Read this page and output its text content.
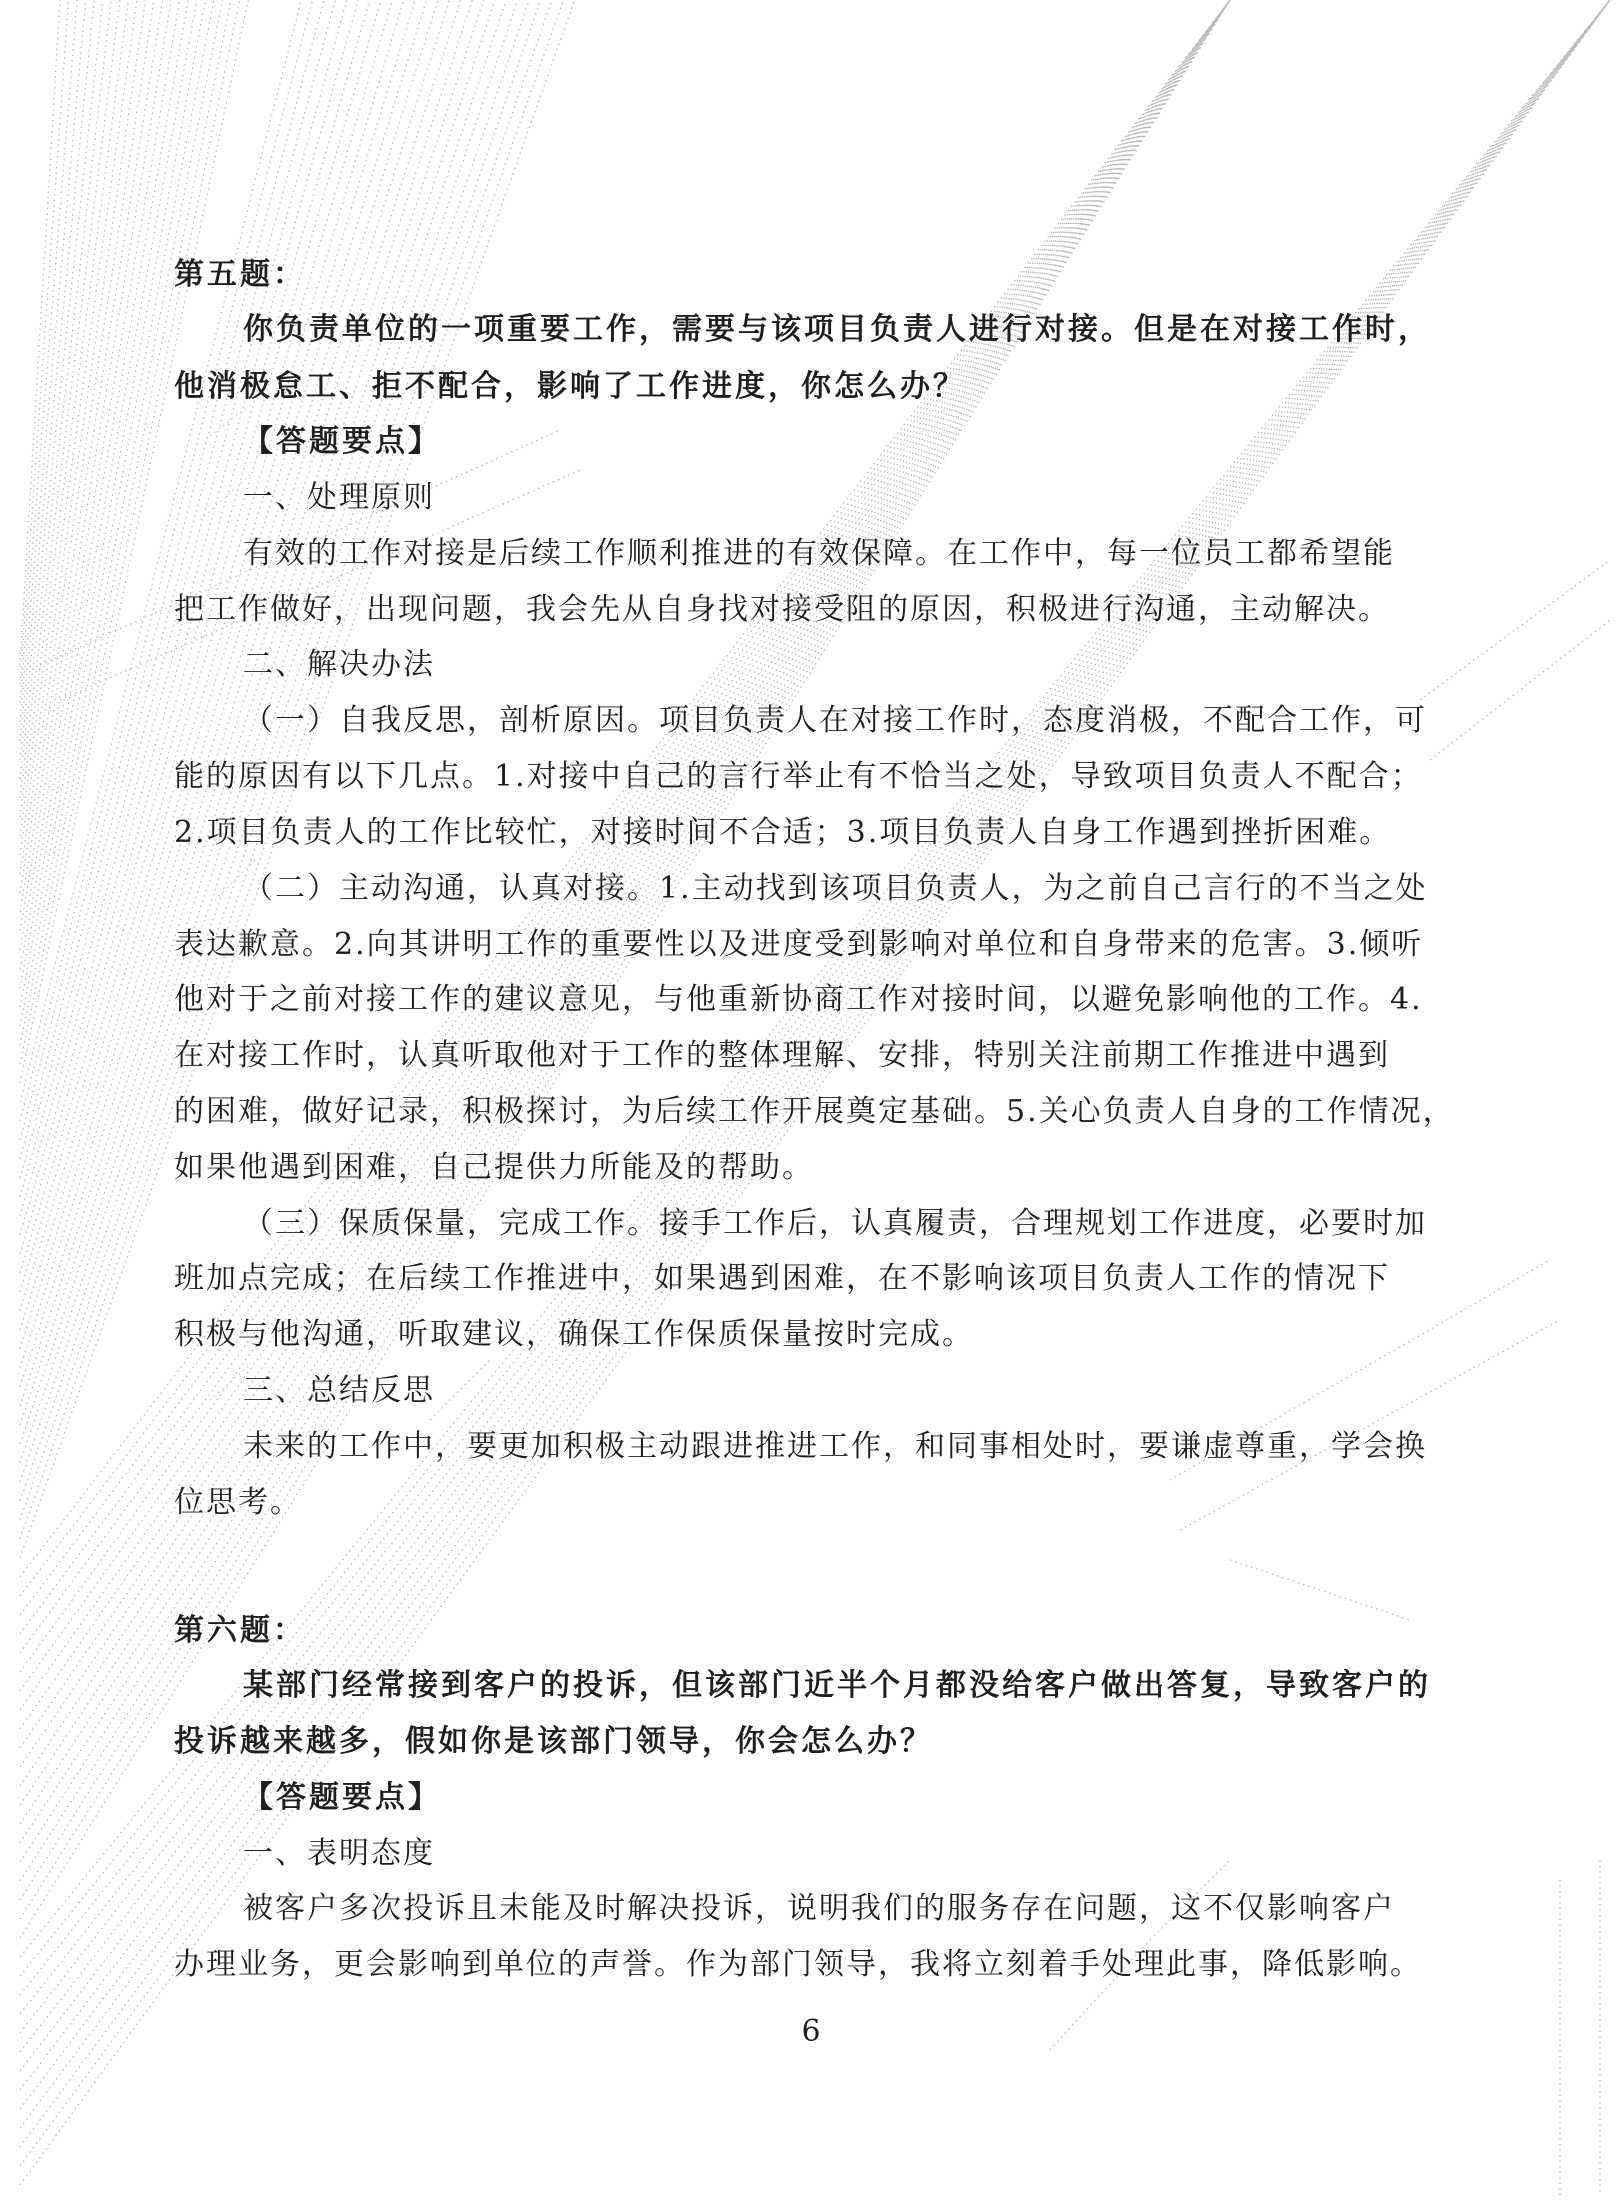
第五题：
你负责单位的一项重要工作，需要与该项目负责人进行对接。但是在对接工作时，
他消极怠工、拒不配合，影响了工作进度，你怎么办？
【答题要点】
一、处理原则
有效的工作对接是后续工作顺利推进的有效保障。在工作中，每一位员工都希望能
把工作做好，出现问题，我会先从自身找对接受阻的原因，积极进行沟通，主动解决。
二、解决办法
（一）自我反思，剖析原因。项目负责人在对接工作时，态度消极，不配合工作，可
能的原因有以下几点。1.对接中自己的言行举止有不恰当之处，导致项目负责人不配合；
2.项目负责人的工作比较忙，对接时间不合适；3.项目负责人自身工作遇到挫折困难。
（二）主动沟通，认真对接。1.主动找到该项目负责人，为之前自己言行的不当之处
表达歉意。2.向其讲明工作的重要性以及进度受到影响对单位和自身带来的危害。3.倾听
他对于之前对接工作的建议意见，与他重新协商工作对接时间，以避免影响他的工作。4.
在对接工作时，认真听取他对于工作的整体理解、安排，特别关注前期工作推进中遇到
的困难，做好记录，积极探讨，为后续工作开展奠定基础。5.关心负责人自身的工作情况，
如果他遇到困难，自己提供力所能及的帮助。
（三）保质保量，完成工作。接手工作后，认真履责，合理规划工作进度，必要时加
班加点完成；在后续工作推进中，如果遇到困难，在不影响该项目负责人工作的情况下
积极与他沟通，听取建议，确保工作保质保量按时完成。
三、总结反思
未来的工作中，要更加积极主动跟进推进工作，和同事相处时，要谦虚尊重，学会换
位思考。
第六题：
某部门经常接到客户的投诉，但该部门近半个月都没给客户做出答复，导致客户的
投诉越来越多，假如你是该部门领导，你会怎么办？
【答题要点】
一、表明态度
被客户多次投诉且未能及时解决投诉，说明我们的服务存在问题，这不仅影响客户
办理业务，更会影响到单位的声誉。作为部门领导，我将立刻着手处理此事，降低影响。
6
